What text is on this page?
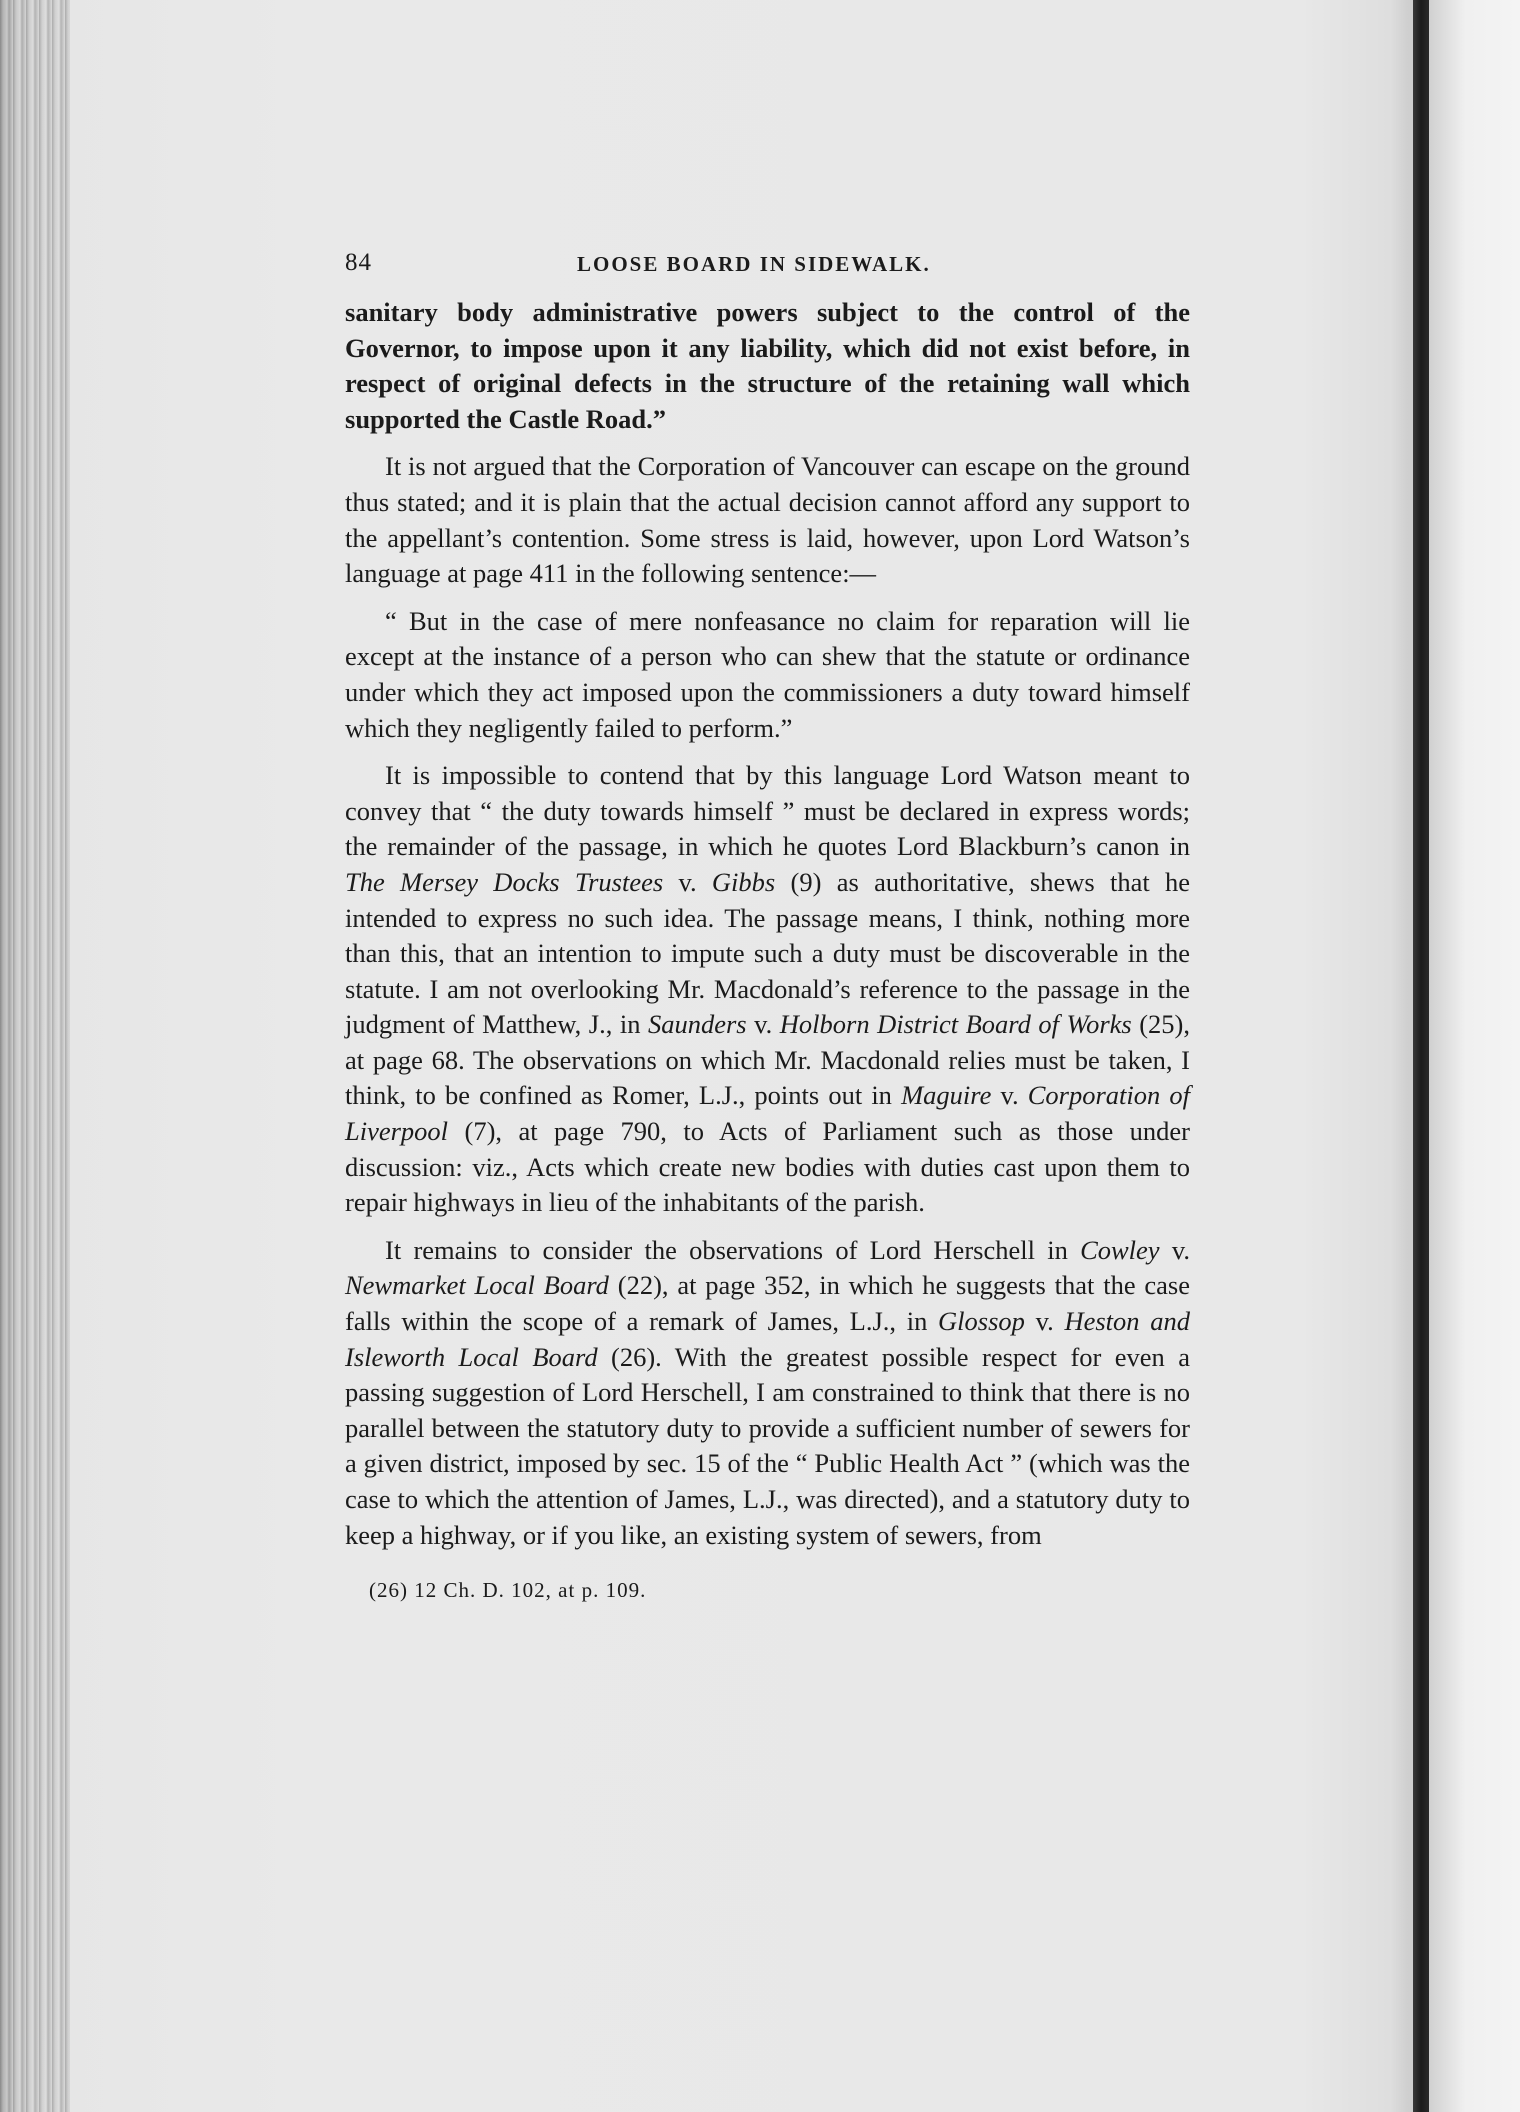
84	LOOSE BOARD IN SIDEWALK.

sanitary body administrative powers subject to the control of the Governor, to impose upon it any liability, which did not exist before, in respect of original defects in the structure of the retaining wall which supported the Castle Road.”

It is not argued that the Corporation of Vancouver can escape on the ground thus stated; and it is plain that the actual decision cannot afford any support to the appellant’s contention. Some stress is laid, however, upon Lord Watson’s language at page 411 in the following sentence:—

“ But in the case of mere nonfeasance no claim for reparation will lie except at the instance of a person who can shew that the statute or ordinance under which they act imposed upon the commissioners a duty toward himself which they negligently failed to perform.”

It is impossible to contend that by this language Lord Watson meant to convey that “ the duty towards himself ” must be declared in express words; the remainder of the passage, in which he quotes Lord Blackburn’s canon in The Mersey Docks Trustees v. Gibbs (9) as authoritative, shews that he intended to express no such idea. The passage means, I think, nothing more than this, that an intention to impute such a duty must be discoverable in the statute. I am not overlooking Mr. Macdonald’s reference to the passage in the judgment of Matthew, J., in Saunders v. Holborn District Board of Works (25), at page 68. The observations on which Mr. Macdonald relies must be taken, I think, to be confined as Romer, L.J., points out in Maguire v. Corporation of Liverpool (7), at page 790, to Acts of Parliament such as those under discussion: viz., Acts which create new bodies with duties cast upon them to repair highways in lieu of the inhabitants of the parish.

It remains to consider the observations of Lord Herschell in Cowley v. Newmarket Local Board (22), at page 352, in which he suggests that the case falls within the scope of a remark of James, L.J., in Glossop v. Heston and Isleworth Local Board (26). With the greatest possible respect for even a passing suggestion of Lord Herschell, I am constrained to think that there is no parallel between the statutory duty to provide a sufficient number of sewers for a given district, imposed by sec. 15 of the “ Public Health Act ” (which was the case to which the attention of James, L.J., was directed), and a statutory duty to keep a highway, or if you like, an existing system of sewers, from

(26) 12 Ch. D. 102, at p. 109.
